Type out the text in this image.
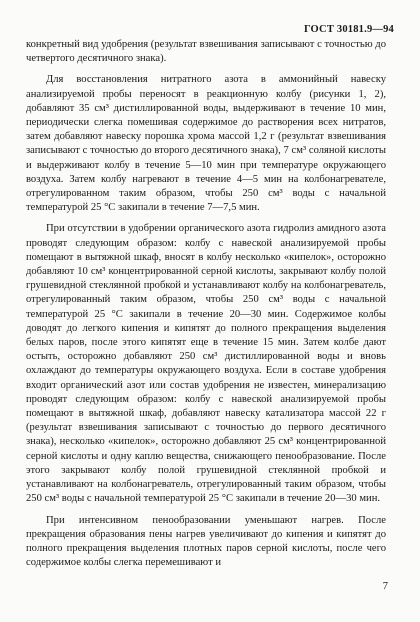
ГОСТ 30181.9—94

конкретный вид удобрения (результат взвешивания записывают с точностью до четвертого десятичного знака).

Для восстановления нитратного азота в аммонийный навеску анализируемой пробы переносят в реакционную колбу (рисунки 1, 2), добавляют 35 см³ дистиллированной воды, выдерживают в течение 10 мин, периодически слегка помешивая содержимое до растворения всех нитратов, затем добавляют навеску порошка хрома массой 1,2 г (результат взвешивания записывают с точностью до второго десятичного знака), 7 см³ соляной кислоты и выдерживают колбу в течение 5—10 мин при температуре окружающего воздуха. Затем колбу нагревают в течение 4—5 мин на колбонагревателе, отрегулированном таким образом, чтобы 250 см³ воды с начальной температурой 25 °С закипали в течение 7—7,5 мин.

При отсутствии в удобрении органического азота гидролиз амидного азота проводят следующим образом: колбу с навеской анализируемой пробы помещают в вытяжной шкаф, вносят в колбу несколько «кипелок», осторожно добавляют 10 см³ концентрированной серной кислоты, закрывают колбу полой грушевидной стеклянной пробкой и устанавливают колбу на колбонагреватель, отрегулированный таким образом, чтобы 250 см³ воды с начальной температурой 25 °С закипали в течение 20—30 мин. Содержимое колбы доводят до легкого кипения и кипятят до полного прекращения выделения белых паров, после этого кипятят еще в течение 15 мин. Затем колбе дают остыть, осторожно добавляют 250 см³ дистиллированной воды и вновь охлаждают до температуры окружающего воздуха. Если в составе удобрения входит органический азот или состав удобрения не известен, минерализацию проводят следующим образом: колбу с навеской анализируемой пробы помещают в вытяжной шкаф, добавляют навеску катализатора массой 22 г (результат взвешивания записывают с точностью до первого десятичного знака), несколько «кипелок», осторожно добавляют 25 см³ концентрированной серной кислоты и одну каплю вещества, снижающего пенообразование. После этого закрывают колбу полой грушевидной стеклянной пробкой и устанавливают на колбонагреватель, отрегулированный таким образом, чтобы 250 см³ воды с начальной температурой 25 °С закипали в течение 20—30 мин.

При интенсивном пенообразовании уменьшают нагрев. После прекращения образования пены нагрев увеличивают до кипения и кипятят до полного прекращения выделения плотных паров серной кислоты, после чего содержимое колбы слегка перемешивают и

7
